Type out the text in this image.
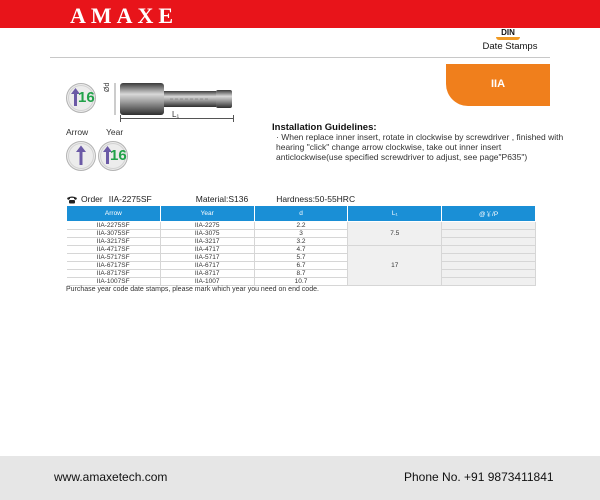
AMAXE
DIN
Date Stamps
IIA
16
Ød
L₁
Arrow Year
16
Installation Guidelines:
· When replace inner insert, rotate in clockwise by screwdriver , finished with hearing "click" change arrow clockwise, take out inner insert anticlockwise(use specified screwdriver to adjust, see page"P635")
Order IIA-2275SF	Material:S136	Hardness:50-55HRC
Arrow	Year	d	L₁	@￥/P
IIA-2275SF	IIA-2275	2.2	7.5	
IIA-3075SF	IIA-3075	3		
IIA-3217SF	IIA-3217	3.2		
IIA-4717SF	IIA-4717	4.7	17	
IIA-5717SF	IIA-5717	5.7		
IIA-6717SF	IIA-6717	6.7		
IIA-8717SF	IIA-8717	8.7		
IIA-1007SF	IIA-1007	10.7		
Purchase year code date stamps, please mark which year you need on end code.
www.amaxetech.com	Phone No. +91 9873411841
